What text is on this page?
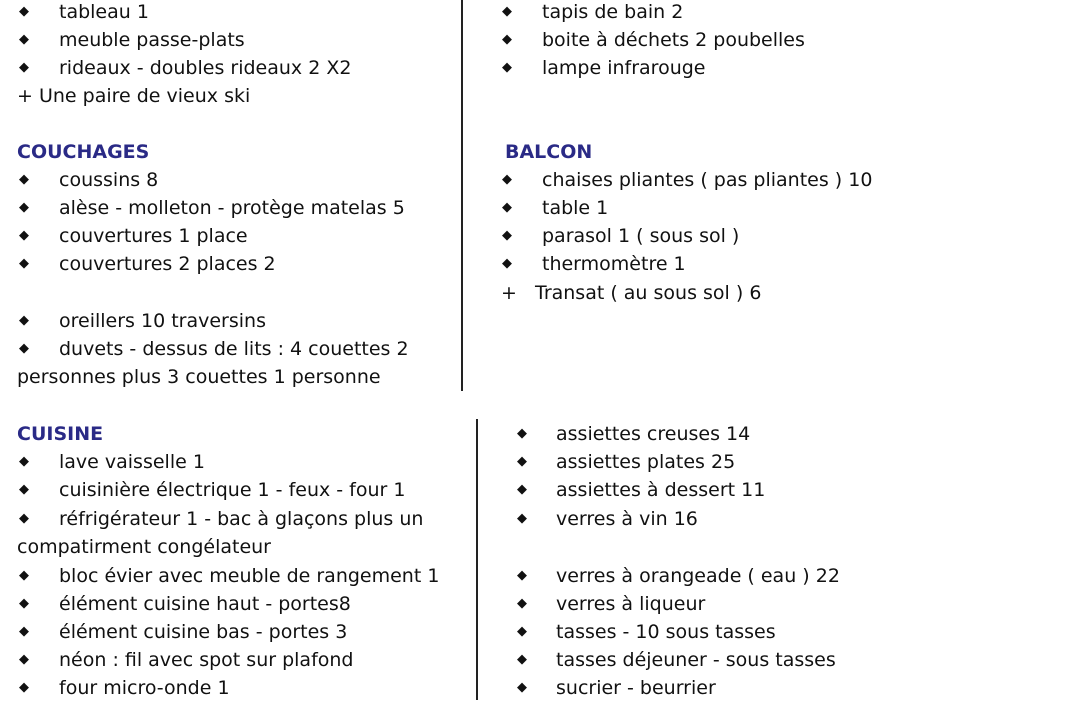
◆ tableau 1
◆ meuble passe-plats
◆ rideaux - doubles rideaux 2 X2
+ Une paire de vieux ski
◆ tapis de bain 2
◆ boite à déchets 2 poubelles
◆ lampe infrarouge
COUCHAGES
◆ coussins 8
◆ alèse - molleton - protège matelas 5
◆ couvertures 1 place
◆ couvertures 2 places 2
◆ oreillers 10 traversins
◆ duvets - dessus de lits : 4 couettes 2
personnes plus 3 couettes 1 personne
BALCON
◆ chaises pliantes ( pas pliantes ) 10
◆ table 1
◆ parasol 1 ( sous sol )
◆ thermomètre 1
+ Transat ( au sous sol ) 6
CUISINE
◆ lave vaisselle 1
◆ cuisinière électrique 1 - feux - four 1
◆ réfrigérateur 1 - bac à glaçons plus un
compatirment congélateur
◆ bloc évier avec meuble de rangement 1
◆ élément cuisine haut - portes8
◆ élément cuisine bas - portes 3
◆ néon : fil avec spot sur plafond
◆ four micro-onde 1
◆ assiettes creuses 14
◆ assiettes plates 25
◆ assiettes à dessert 11
◆ verres à vin 16
◆ verres à orangeade ( eau ) 22
◆ verres à liqueur
◆ tasses - 10 sous tasses
◆ tasses déjeuner - sous tasses
◆ sucrier - beurrier
